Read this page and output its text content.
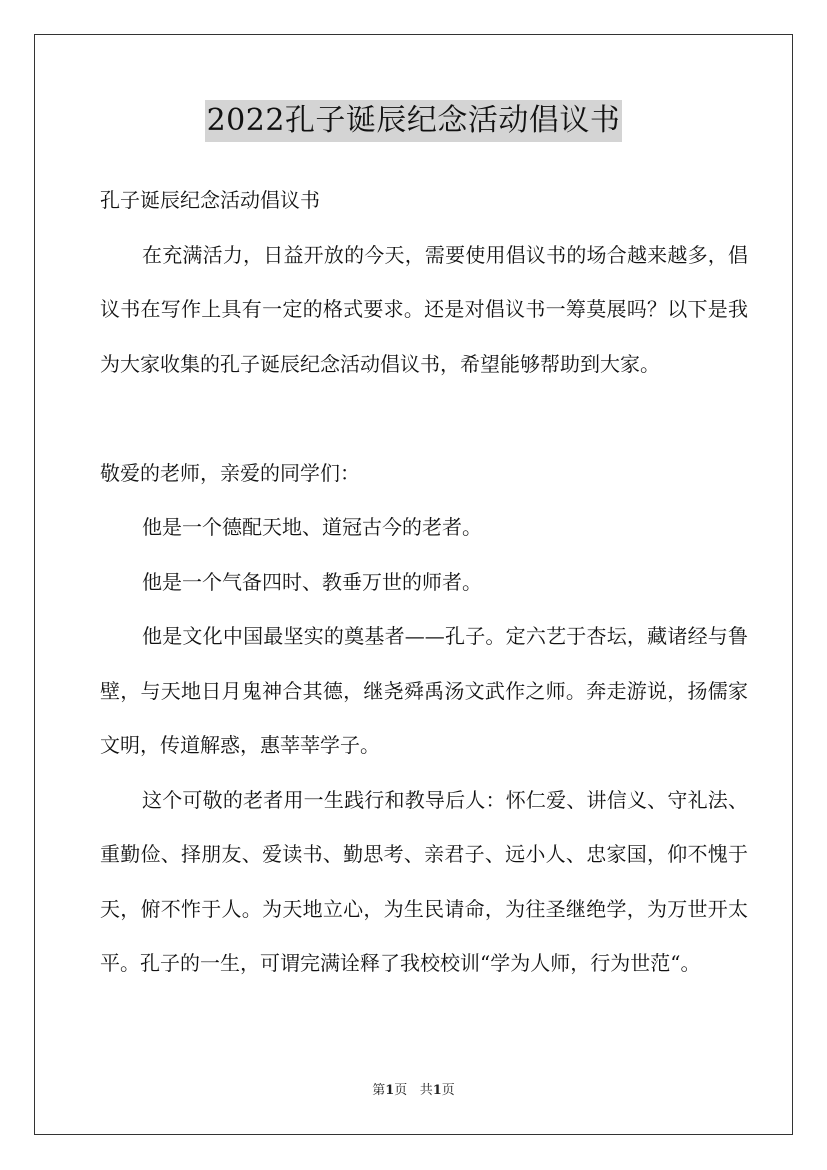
2022孔子诞辰纪念活动倡议书

孔子诞辰纪念活动倡议书

在充满活力，日益开放的今天，需要使用倡议书的场合越来越多，倡议书在写作上具有一定的格式要求。还是对倡议书一筹莫展吗？以下是我为大家收集的孔子诞辰纪念活动倡议书，希望能够帮助到大家。

敬爱的老师，亲爱的同学们：

他是一个德配天地、道冠古今的老者。

他是一个气备四时、教垂万世的师者。

他是文化中国最坚实的奠基者——孔子。定六艺于杏坛，藏诸经与鲁壁，与天地日月鬼神合其德，继尧舜禹汤文武作之师。奔走游说，扬儒家文明，传道解惑，惠莘莘学子。

这个可敬的老者用一生践行和教导后人：怀仁爱、讲信义、守礼法、重勤俭、择朋友、爱读书、勤思考、亲君子、远小人、忠家国，仰不愧于天，俯不怍于人。为天地立心，为生民请命，为往圣继绝学，为万世开太平。孔子的一生，可谓完满诠释了我校校训“学为人师，行为世范“。

第1页 共1页
